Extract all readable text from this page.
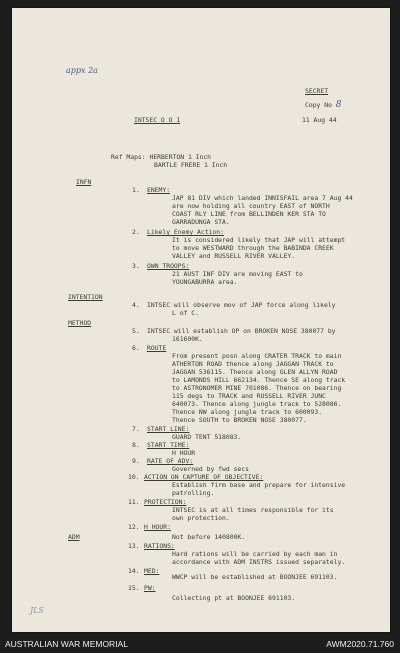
appx 2a
SECRET
Copy No 8
INTSEC O O 1	11 Aug 44
Ref Maps: HERBERTON 1 Inch
BARTLE FRERE 1 Inch
INFN
1. ENEMY:
JAP 81 DIV which landed INNISFAIL area 7 Aug 44
are now holding all country EAST of NORTH
COAST RLY LINE from BELLINDEN KER STA TO
GARRADUNGA STA.
2. Likely Enemy Action:
It is considered likely that JAP will attempt
to move WESTWARD through the BABINDA CREEK
VALLEY and RUSSELL RIVER VALLEY.
3. OWN TROOPS:
21 AUST INF DIV are moving EAST to
YOUNGABURRA area.
INTENTION
4. INTSEC will observe mov of JAP force along likely
L of C.
METHOD
5. INTSEC will establish OP on BROKEN NOSE 380077 by
161600K.
6. ROUTE
From present posn along CRATER TRACK to main
ATHERTON ROAD thence along JAGGAN TRACK to
JAGGAN 536115. Thence along GLEN ALLYN ROAD
to LAMONDS HILL 662134. Thence SE along track
to ASTRONOMER MINE 701086. Thence on bearing
115 degs to TRACK and RUSSELL RIVER JUNC
640073. Thence along jungle track to 528086.
Thence NW along jungle track to 600093.
Thence SOUTH to BROKEN NOSE 380077.
7. START LINE:
GUARD TENT 518083.
8. START TIME:
H HOUR
9. RATE OF ADV:
Governed by fwd secs
10. ACTION ON CAPTURE OF OBJECTIVE:
Establish firm base and prepare for intensive
patrolling.
11. PROTECTION:
INTSEC is at all times responsible for its
own protection.
12. H HOUR:
Not before 140800K.
ADM
13. RATIONS:
Hard rations will be carried by each man in
accordance with ADM INSTRS issued separately.
14. MED:
WWCP will be established at BOONJEE 691103.
15. PW:
Collecting pt at BOONJEE 691103.
JLS
AUSTRALIAN WAR MEMORIAL	AWM2020.71.760
